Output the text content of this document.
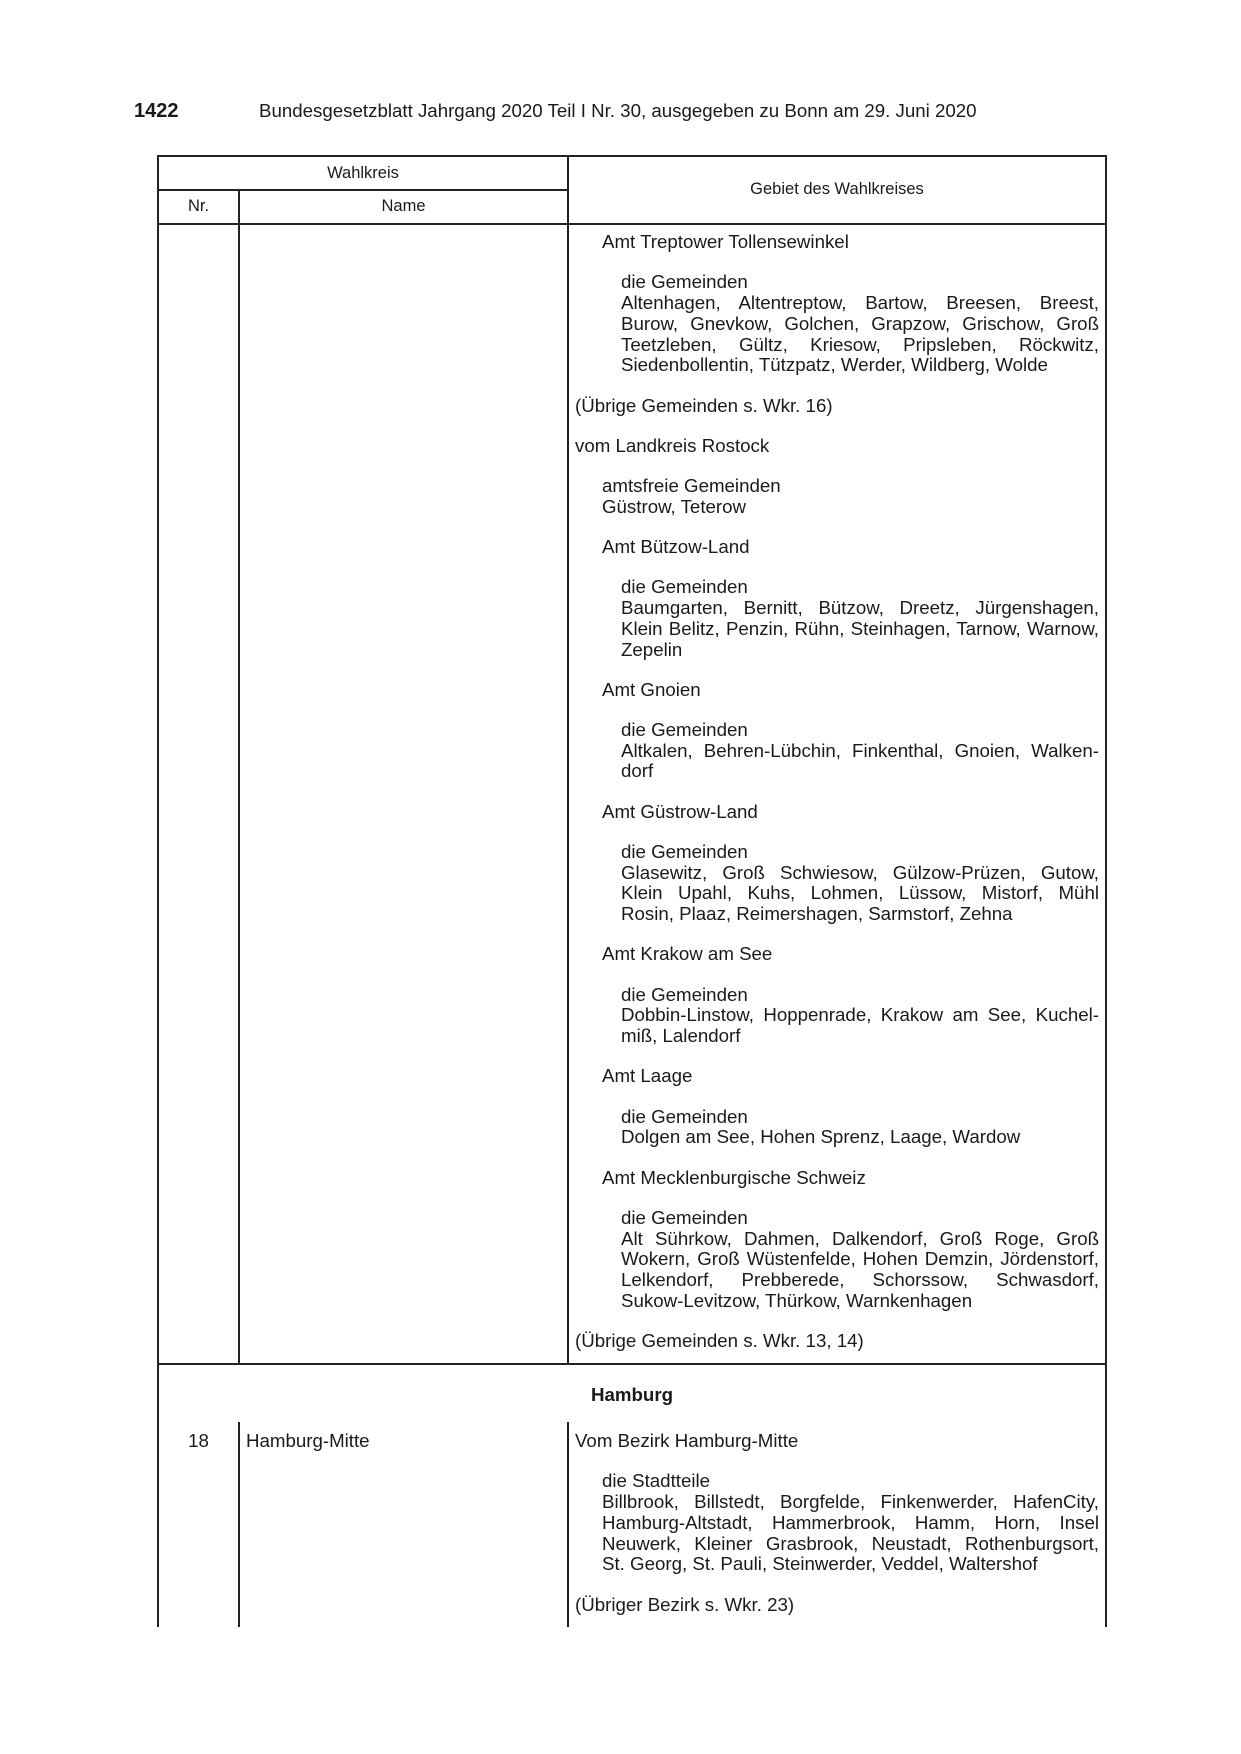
1422	Bundesgesetzblatt Jahrgang 2020 Teil I Nr. 30, ausgegeben zu Bonn am 29. Juni 2020
Wahlkreis
Nr.	Name
Gebiet des Wahlkreises
Amt Treptower Tollensewinkel
die Gemeinden
Altenhagen, Altentreptow, Bartow, Breesen, Breest,
Burow, Gnevkow, Golchen, Grapzow, Grischow, Groß
Teetzleben, Gültz, Kriesow, Pripsleben, Röckwitz,
Siedenbollentin, Tützpatz, Werder, Wildberg, Wolde
(Übrige Gemeinden s. Wkr. 16)
vom Landkreis Rostock
amtsfreie Gemeinden
Güstrow, Teterow
Amt Bützow-Land
die Gemeinden
Baumgarten, Bernitt, Bützow, Dreetz, Jürgenshagen,
Klein Belitz, Penzin, Rühn, Steinhagen, Tarnow, Warnow,
Zepelin
Amt Gnoien
die Gemeinden
Altkalen, Behren-Lübchin, Finkenthal, Gnoien, Walken-
dorf
Amt Güstrow-Land
die Gemeinden
Glasewitz, Groß Schwiesow, Gülzow-Prüzen, Gutow,
Klein Upahl, Kuhs, Lohmen, Lüssow, Mistorf, Mühl
Rosin, Plaaz, Reimershagen, Sarmstorf, Zehna
Amt Krakow am See
die Gemeinden
Dobbin-Linstow, Hoppenrade, Krakow am See, Kuchel-
miß, Lalendorf
Amt Laage
die Gemeinden
Dolgen am See, Hohen Sprenz, Laage, Wardow
Amt Mecklenburgische Schweiz
die Gemeinden
Alt Sührkow, Dahmen, Dalkendorf, Groß Roge, Groß
Wokern, Groß Wüstenfelde, Hohen Demzin, Jördenstorf,
Lelkendorf, Prebberede, Schorssow, Schwasdorf,
Sukow-Levitzow, Thürkow, Warnkenhagen
(Übrige Gemeinden s. Wkr. 13, 14)
Hamburg
18	Hamburg-Mitte	Vom Bezirk Hamburg-Mitte
die Stadtteile
Billbrook, Billstedt, Borgfelde, Finkenwerder, HafenCity,
Hamburg-Altstadt, Hammerbrook, Hamm, Horn, Insel
Neuwerk, Kleiner Grasbrook, Neustadt, Rothenburgsort,
St. Georg, St. Pauli, Steinwerder, Veddel, Waltershof
(Übriger Bezirk s. Wkr. 23)
